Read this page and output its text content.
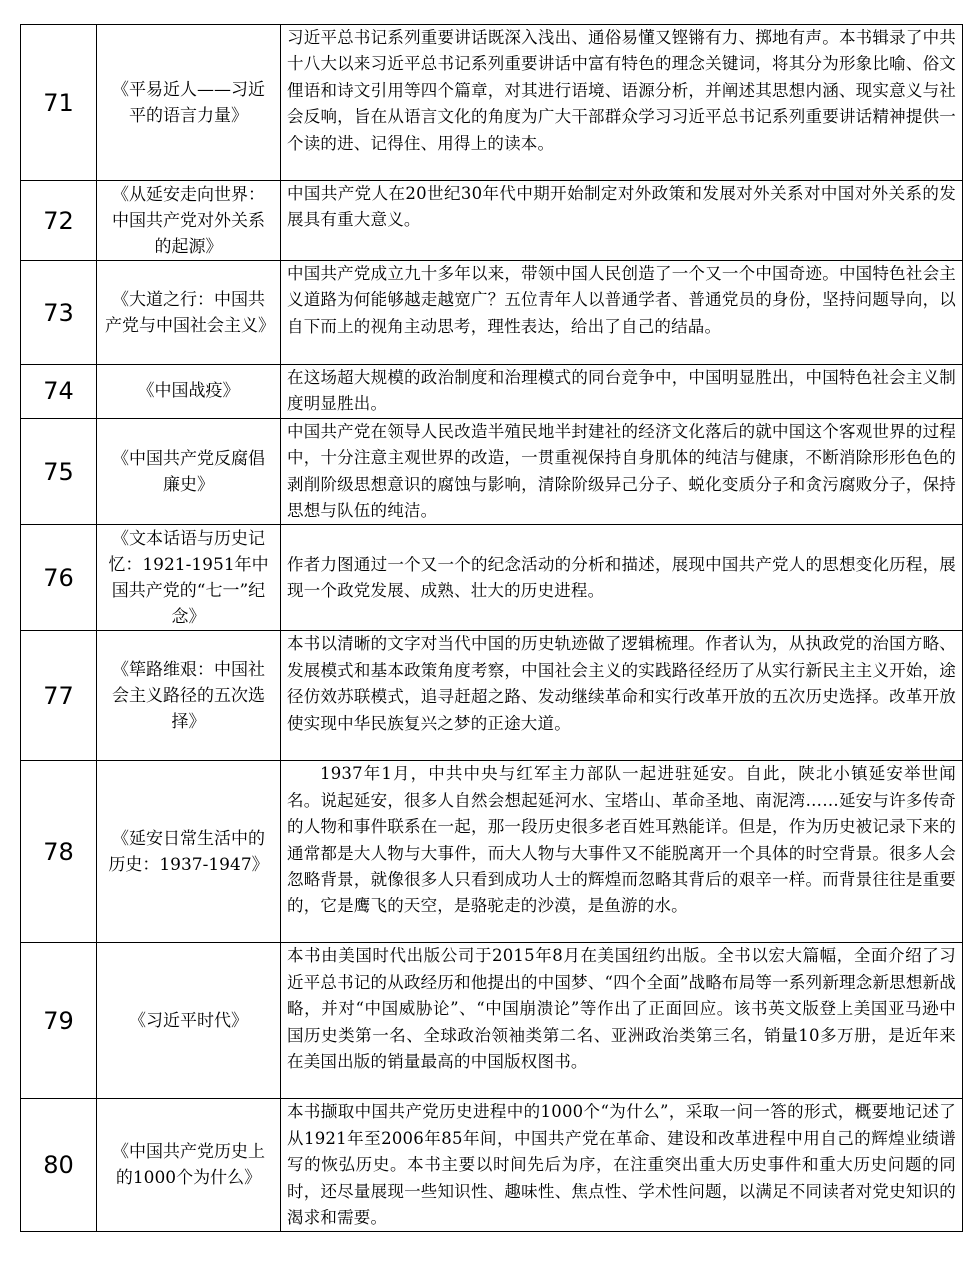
71	《平易近人——习近平的语言力量》	习近平总书记系列重要讲话既深入浅出、通俗易懂又铿锵有力、掷地有声。本书辑录了中共十八大以来习近平总书记系列重要讲话中富有特色的理念关键词，将其分为形象比喻、俗文俚语和诗文引用等四个篇章，对其进行语境、语源分析，并阐述其思想内涵、现实意义与社会反响，旨在从语言文化的角度为广大干部群众学习习近平总书记系列重要讲话精神提供一个读的进、记得住、用得上的读本。
72	《从延安走向世界：中国共产党对外关系的起源》	中国共产党人在20世纪30年代中期开始制定对外政策和发展对外关系对中国对外关系的发展具有重大意义。
73	《大道之行：中国共产党与中国社会主义》	中国共产党成立九十多年以来，带领中国人民创造了一个又一个中国奇迹。中国特色社会主义道路为何能够越走越宽广？五位青年人以普通学者、普通党员的身份，坚持问题导向，以自下而上的视角主动思考，理性表达，给出了自己的结晶。
74	《中国战疫》	在这场超大规模的政治制度和治理模式的同台竞争中，中国明显胜出，中国特色社会主义制度明显胜出。
75	《中国共产党反腐倡廉史》	中国共产党在领导人民改造半殖民地半封建社的经济文化落后的就中国这个客观世界的过程中，十分注意主观世界的改造，一贯重视保持自身肌体的纯洁与健康，不断消除形形色色的剥削阶级思想意识的腐蚀与影响，清除阶级异己分子、蜕化变质分子和贪污腐败分子，保持思想与队伍的纯洁。
76	《文本话语与历史记忆：1921-1951年中国共产党的“七一”纪念》	作者力图通过一个又一个的纪念活动的分析和描述，展现中国共产党人的思想变化历程，展现一个政党发展、成熟、壮大的历史进程。
77	《筚路维艰：中国社会主义路径的五次选择》	本书以清晰的文字对当代中国的历史轨迹做了逻辑梳理。作者认为，从执政党的治国方略、发展模式和基本政策角度考察，中国社会主义的实践路径经历了从实行新民主主义开始，途径仿效苏联模式，追寻赶超之路、发动继续革命和实行改革开放的五次历史选择。改革开放使实现中华民族复兴之梦的正途大道。
78	《延安日常生活中的历史：1937-1947》	1937年1月，中共中央与红军主力部队一起进驻延安。自此，陕北小镇延安举世闻名。说起延安，很多人自然会想起延河水、宝塔山、革命圣地、南泥湾……延安与许多传奇的人物和事件联系在一起，那一段历史很多老百姓耳熟能详。但是，作为历史被记录下来的通常都是大人物与大事件，而大人物与大事件又不能脱离开一个具体的时空背景。很多人会忽略背景，就像很多人只看到成功人士的辉煌而忽略其背后的艰辛一样。而背景往往是重要的，它是鹰飞的天空，是骆驼走的沙漠，是鱼游的水。
79	《习近平时代》	本书由美国时代出版公司于2015年8月在美国纽约出版。全书以宏大篇幅，全面介绍了习近平总书记的从政经历和他提出的中国梦、“四个全面”战略布局等一系列新理念新思想新战略，并对“中国威胁论”、“中国崩溃论”等作出了正面回应。该书英文版登上美国亚马逊中国历史类第一名、全球政治领袖类第二名、亚洲政治类第三名，销量10多万册，是近年来在美国出版的销量最高的中国版权图书。
80	《中国共产党历史上的1000个为什么》	本书撷取中国共产党历史进程中的1000个“为什么”，采取一问一答的形式，概要地记述了从1921年至2006年85年间，中国共产党在革命、建设和改革进程中用自己的辉煌业绩谱写的恢弘历史。本书主要以时间先后为序，在注重突出重大历史事件和重大历史问题的同时，还尽量展现一些知识性、趣味性、焦点性、学术性问题，以满足不同读者对党史知识的渴求和需要。
